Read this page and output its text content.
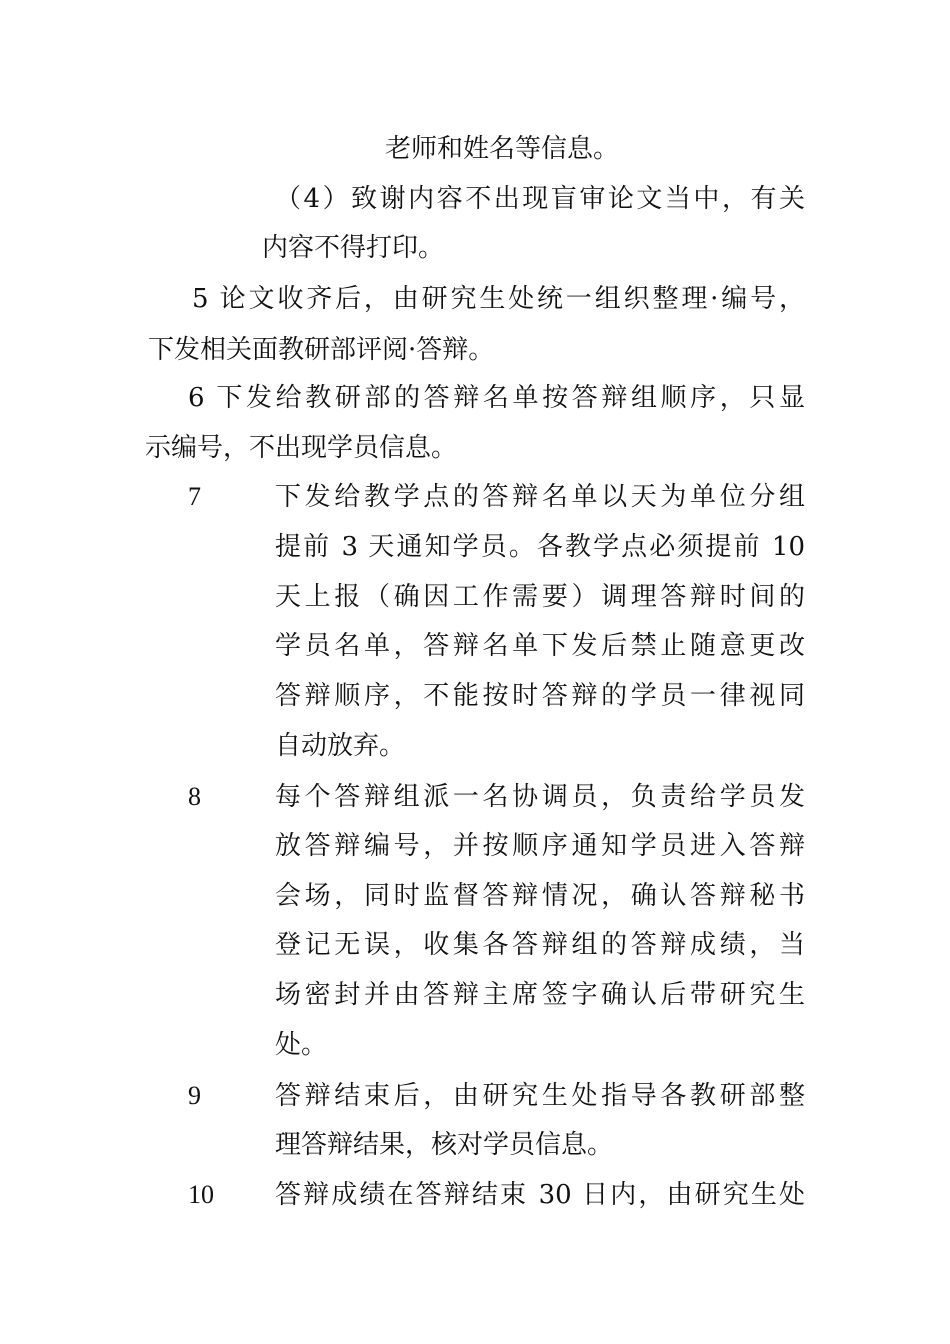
老师和姓名等信息。
（4）致谢内容不出现盲审论文当中，有关
内容不得打印。
5 论文收齐后，由研究生处统一组织整理·编号，
下发相关面教研部评阅·答辩。
6 下发给教研部的答辩名单按答辩组顺序，只显
示编号，不出现学员信息。
7	下发给教学点的答辩名单以天为单位分组
提前 3 天通知学员。各教学点必须提前 10
天上报（确因工作需要）调理答辩时间的
学员名单，答辩名单下发后禁止随意更改
答辩顺序，不能按时答辩的学员一律视同
自动放弃。
8	每个答辩组派一名协调员，负责给学员发
放答辩编号，并按顺序通知学员进入答辩
会场，同时监督答辩情况，确认答辩秘书
登记无误，收集各答辩组的答辩成绩，当
场密封并由答辩主席签字确认后带研究生
处。
9	答辩结束后，由研究生处指导各教研部整
理答辩结果，核对学员信息。
10 答辩成绩在答辩结束 30 日内，由研究生处
